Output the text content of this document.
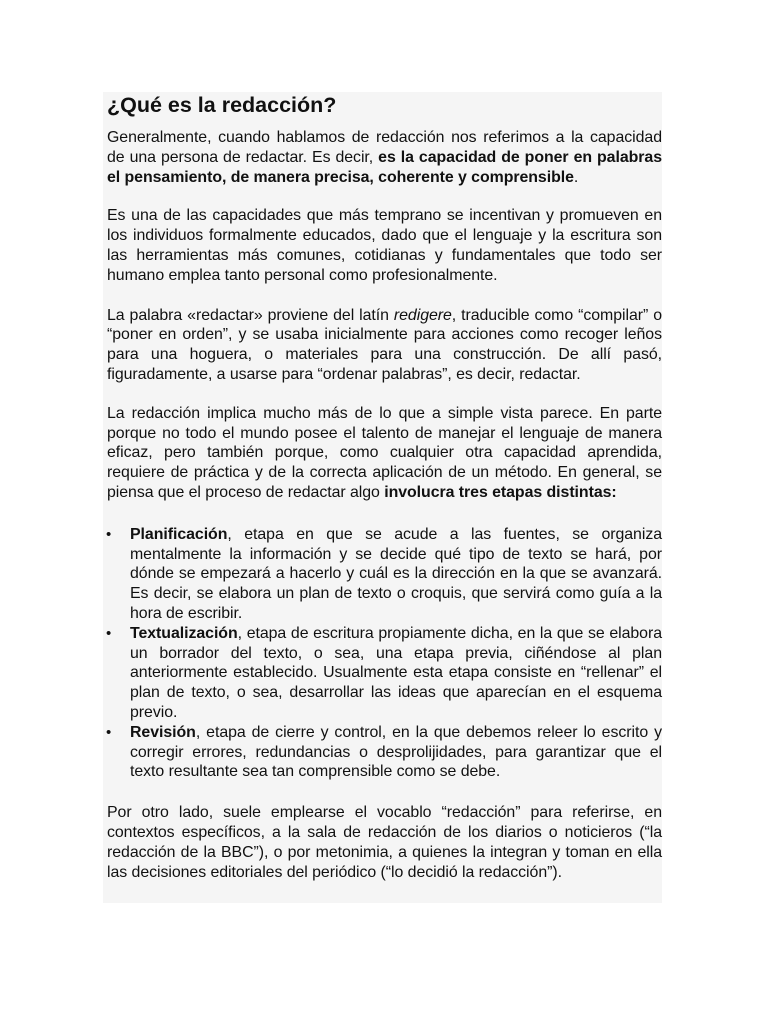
¿Qué es la redacción?

Generalmente, cuando hablamos de redacción nos referimos a la capacidad de una persona de redactar. Es decir, es la capacidad de poner en palabras el pensamiento, de manera precisa, coherente y comprensible.

Es una de las capacidades que más temprano se incentivan y promueven en los individuos formalmente educados, dado que el lenguaje y la escritura son las herramientas más comunes, cotidianas y fundamentales que todo ser humano emplea tanto personal como profesionalmente.

La palabra «redactar» proviene del latín redigere, traducible como “compilar” o “poner en orden”, y se usaba inicialmente para acciones como recoger leños para una hoguera, o materiales para una construcción. De allí pasó, figuradamente, a usarse para “ordenar palabras”, es decir, redactar.

La redacción implica mucho más de lo que a simple vista parece. En parte porque no todo el mundo posee el talento de manejar el lenguaje de manera eficaz, pero también porque, como cualquier otra capacidad aprendida, requiere de práctica y de la correcta aplicación de un método. En general, se piensa que el proceso de redactar algo involucra tres etapas distintas:

• Planificación, etapa en que se acude a las fuentes, se organiza mentalmente la información y se decide qué tipo de texto se hará, por dónde se empezará a hacerlo y cuál es la dirección en la que se avanzará. Es decir, se elabora un plan de texto o croquis, que servirá como guía a la hora de escribir.
• Textualización, etapa de escritura propiamente dicha, en la que se elabora un borrador del texto, o sea, una etapa previa, ciñéndose al plan anteriormente establecido. Usualmente esta etapa consiste en “rellenar” el plan de texto, o sea, desarrollar las ideas que aparecían en el esquema previo.
• Revisión, etapa de cierre y control, en la que debemos releer lo escrito y corregir errores, redundancias o desprolijidades, para garantizar que el texto resultante sea tan comprensible como se debe.

Por otro lado, suele emplearse el vocablo “redacción” para referirse, en contextos específicos, a la sala de redacción de los diarios o noticieros (“la redacción de la BBC”), o por metonimia, a quienes la integran y toman en ella las decisiones editoriales del periódico (“lo decidió la redacción”).
